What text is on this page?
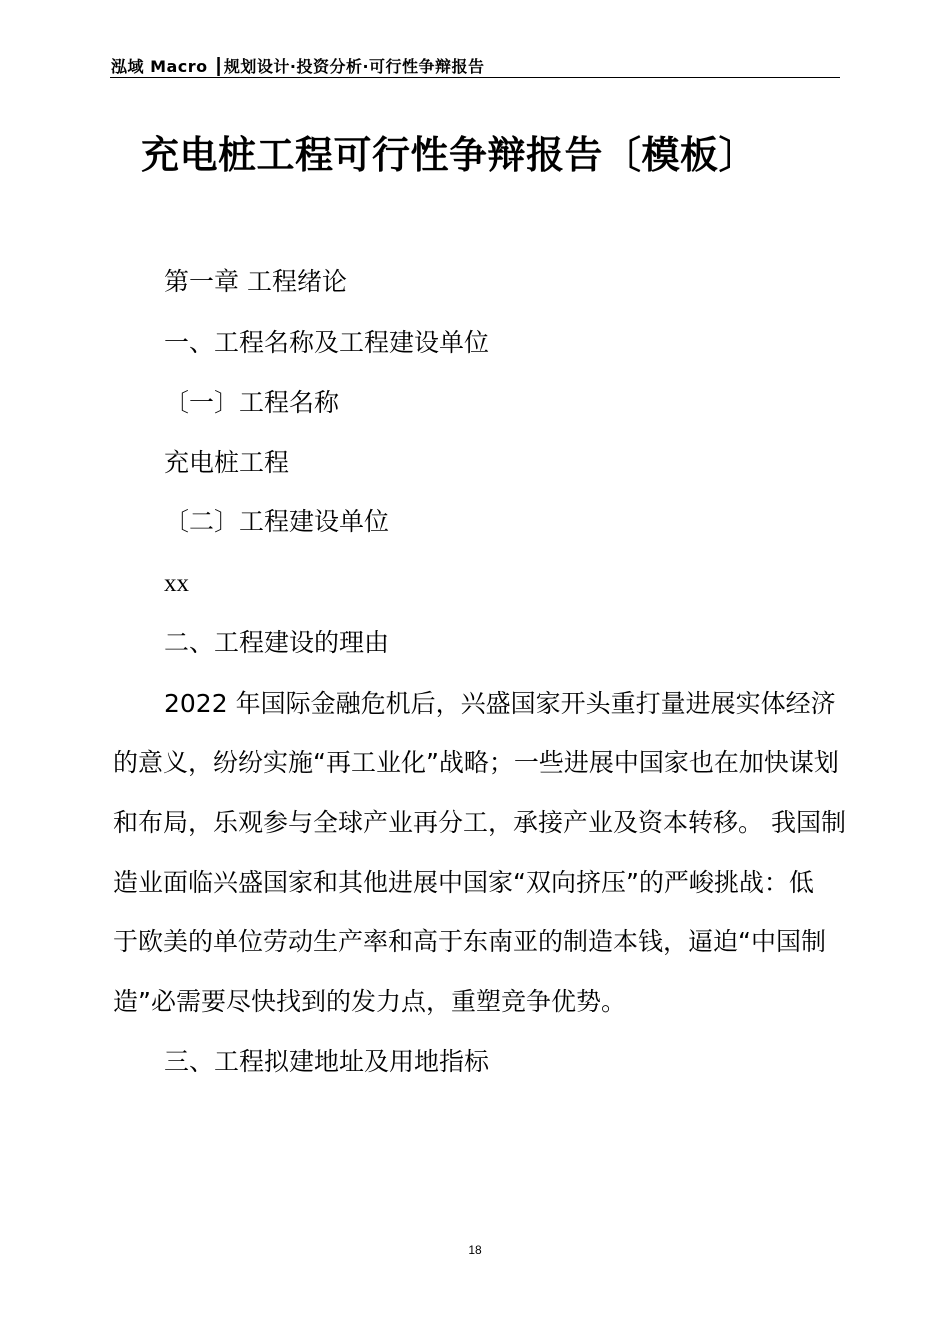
泓域 Macro ┃规划设计·投资分析·可行性争辩报告
充电桩工程可行性争辩报告〔模板〕
第一章 工程绪论
一、工程名称及工程建设单位
〔一〕工程名称
充电桩工程
〔二〕工程建设单位
xx
二、工程建设的理由
2022 年国际金融危机后，兴盛国家开头重打量进展实体经济
的意义，纷纷实施“再工业化”战略；一些进展中国家也在加快谋划
和布局，乐观参与全球产业再分工，承接产业及资本转移。 我国制
造业面临兴盛国家和其他进展中国家“双向挤压”的严峻挑战：低
于欧美的单位劳动生产率和高于东南亚的制造本钱，逼迫“中国制
造”必需要尽快找到的发力点，重塑竞争优势。
三、工程拟建地址及用地指标
18
